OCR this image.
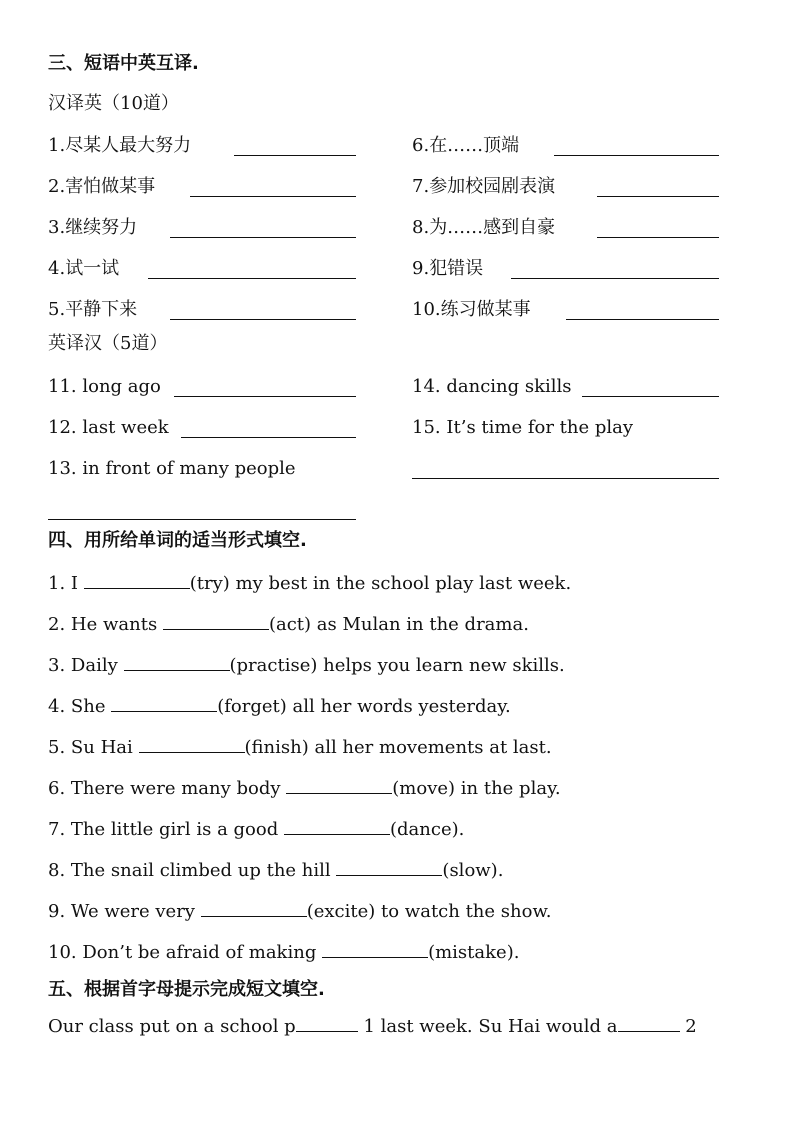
三、短语中英互译.
汉译英（10道）
1.尽某人最大努力
2.害怕做某事
3.继续努力
4.试一试
5.平静下来
6.在……顶端
7.参加校园剧表演
8.为……感到自豪
9.犯错误
10.练习做某事
英译汉（5道）
11. long ago
12. last week
13. in front of many people
14. dancing skills
15. It’s time for the play
四、用所给单词的适当形式填空.
1. I	(try) my best in the school play last week.
2. He wants	(act) as Mulan in the drama.
3. Daily	(practise) helps you learn new skills.
4. She	(forget) all her words yesterday.
5. Su Hai	(finish) all her movements at last.
6. There were many body	(move) in the play.
7. The little girl is a good	(dance).
8. The snail climbed up the hill	(slow).
9. We were very	(excite) to watch the show.
10. Don’t be afraid of making	(mistake).
五、根据首字母提示完成短文填空.
Our class put on a school p	1 last week. Su Hai would a	2
